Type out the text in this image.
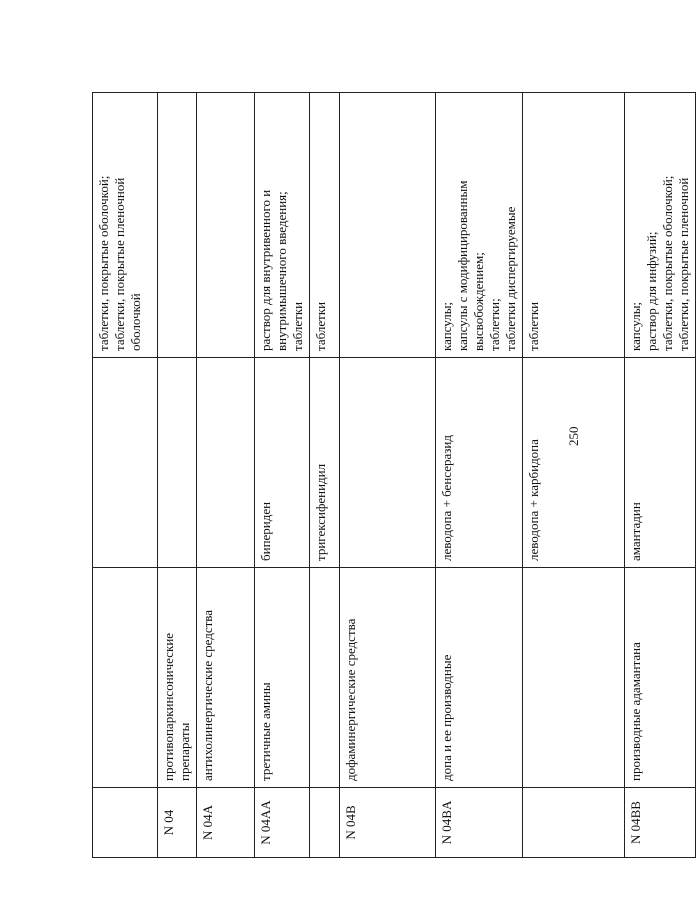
			таблетки, покрытые оболочкой; таблетки, покрытые пленочной оболочкой

N 04	противопаркинсонические препараты		

N 04A	антихолинергические средства		

N 04AA	третичные амины	бипериден	раствор для внутривенного и внутримышечного введения; таблетки

		тригексифенидил	таблетки

N 04B	дофаминергические средства		

N 04BA	допа и ее производные	леводопа + бенсеразид	капсулы; капсулы с модифицированным высвобождением; таблетки; таблетки диспергируемые

		леводопа + карбидопа	таблетки

N 04BB	производные адамантана	амантадин	капсулы; раствор для инфузий; таблетки, покрытые оболочкой; таблетки, покрытые пленочной
250
